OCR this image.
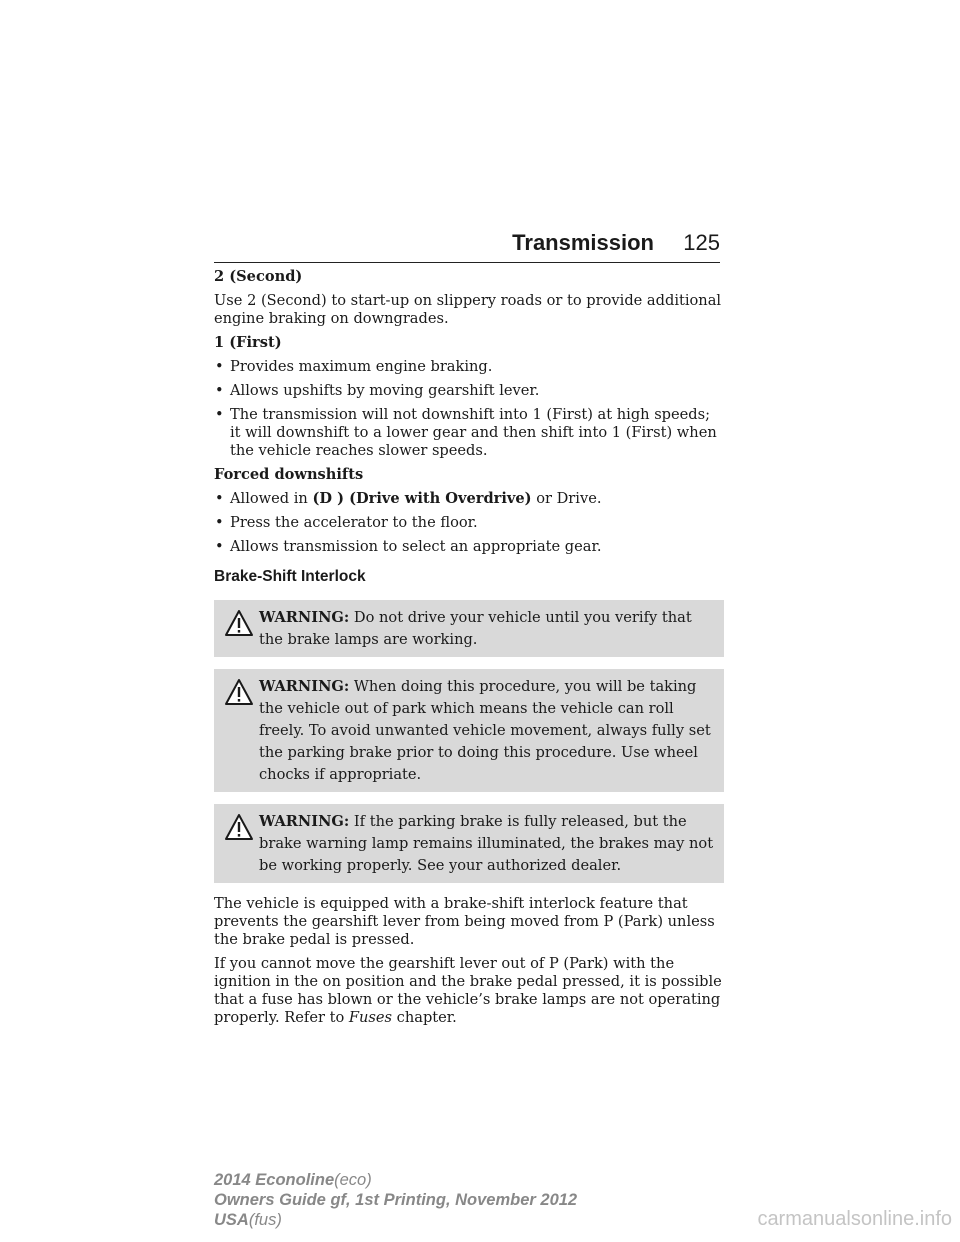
Transmission 125
2 (Second)

Use 2 (Second) to start-up on slippery roads or to provide additional engine braking on downgrades.

1 (First)
• Provides maximum engine braking.
• Allows upshifts by moving gearshift lever.
• The transmission will not downshift into 1 (First) at high speeds; it will downshift to a lower gear and then shift into 1 (First) when the vehicle reaches slower speeds.
Forced downshifts
• Allowed in (D ) (Drive with Overdrive) or Drive.
• Press the accelerator to the floor.
• Allows transmission to select an appropriate gear.
Brake-Shift Interlock
WARNING: Do not drive your vehicle until you verify that the brake lamps are working.
WARNING: When doing this procedure, you will be taking the vehicle out of park which means the vehicle can roll freely. To avoid unwanted vehicle movement, always fully set the parking brake prior to doing this procedure. Use wheel chocks if appropriate.
WARNING: If the parking brake is fully released, but the brake warning lamp remains illuminated, the brakes may not be working properly. See your authorized dealer.

The vehicle is equipped with a brake-shift interlock feature that prevents the gearshift lever from being moved from P (Park) unless the brake pedal is pressed.

If you cannot move the gearshift lever out of P (Park) with the ignition in the on position and the brake pedal pressed, it is possible that a fuse has blown or the vehicle’s brake lamps are not operating properly. Refer to Fuses chapter.

2014 Econoline(eco)
Owners Guide gf, 1st Printing, November 2012
USA(fus)	carmanualsonline.info
